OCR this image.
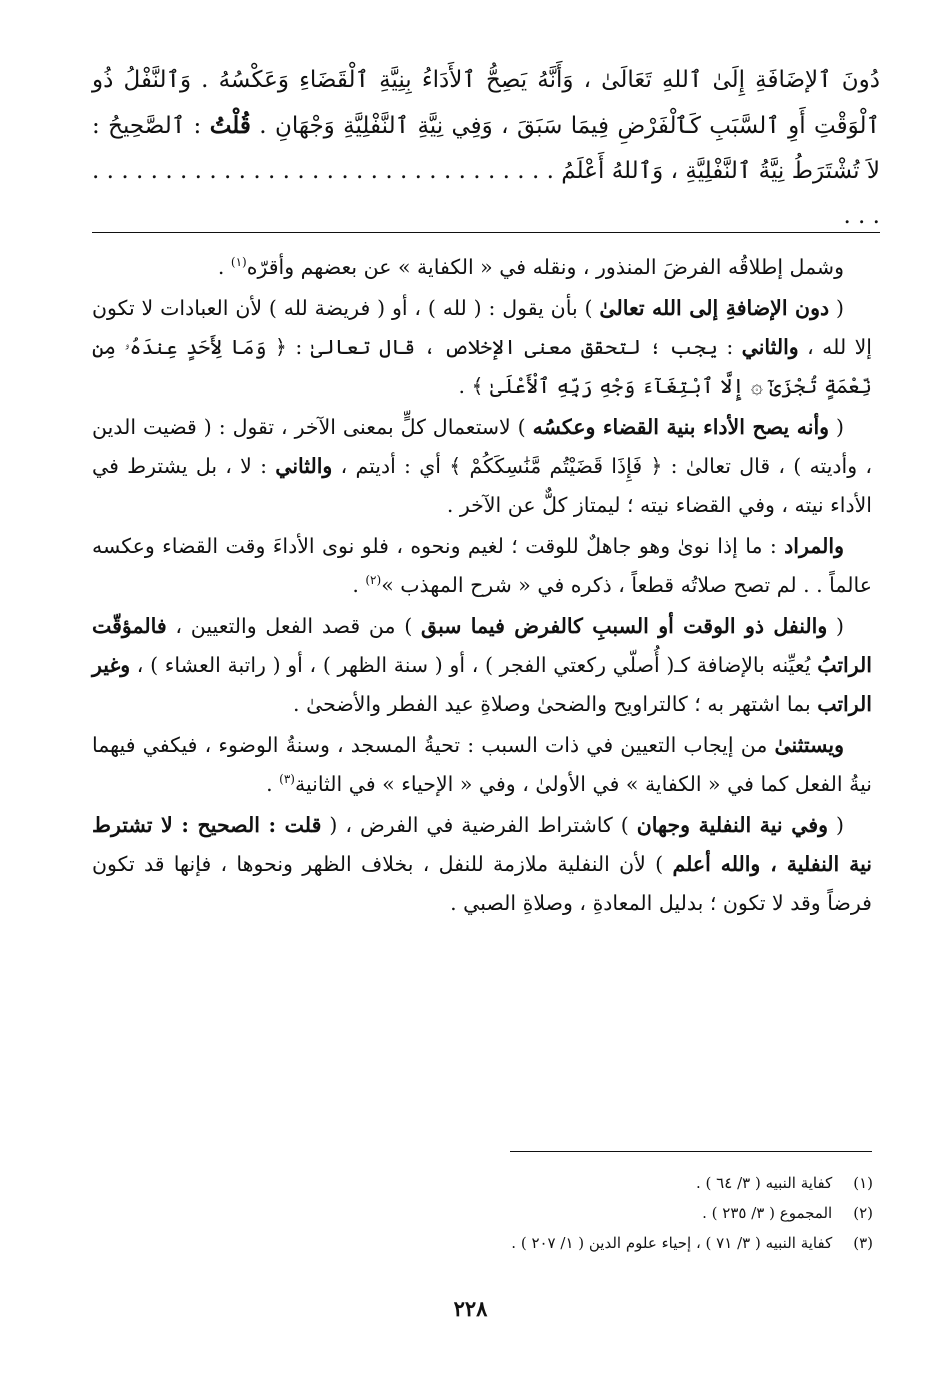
دُونَ ٱلإضَافَةِ إِلَىٰ ٱللهِ تَعَالَىٰ ، وَأَنَّهُ يَصِحُّ ٱلأَدَاءُ بِنِيَّةِ ٱلْقَضَاءِ وَعَكْسُهُ . وَٱلنَّفْلُ ذُو ٱلْوَقْتِ أَوِ ٱلسَّبَبِ كَٱلْفَرْضِ فِيمَا سَبَقَ ، وَفِي نِيَّةِ ٱلنَّفْلِيَّةِ وَجْهَانِ . قُلْتُ : ٱلصَّحِيحُ : لاَ تُشْتَرَطُ نِيَّةُ ٱلنَّفْلِيَّةِ ، وَٱللهُ أَعْلَمُ . . . . . . . . . . . . . . . . . . . . . . . . . . . . . . . . . . .

وشمل إطلاقُه الفرضَ المنذور ، ونقله في « الكفاية » عن بعضهم وأقرّه$^{(١)}$ .

( دون الإضافةِ إلى الله تعالىٰ ) بأن يقول : ( لله ) ، أو ( فريضة لله ) لأن العبادات لا تكون إلا لله ، والثاني : يجب ؛ لتحقق معنى الإخلاص ، قال تعالىٰ : ﴿ وَمَا لِأَحَدٍ عِندَهُۥ مِن نِّعْمَةٍ تُجْزَىٰٓ ۞ إِلَّا ٱبْتِغَآءَ وَجْهِ رَبِّهِ ٱلْأَعْلَىٰ ﴾ .

( وأنه يصح الأداء بنية القضاء وعكسُه ) لاستعمال كلٍّ بمعنى الآخر ، تقول : ( قضيت الدين ، وأديته ) ، قال تعالىٰ : ﴿ فَإِذَا قَضَيْتُم مَّنَٰسِكَكُمْ ﴾ أي : أديتم ، والثاني : لا ، بل يشترط في الأداء نيته ، وفي القضاء نيته ؛ ليمتاز كلٌّ عن الآخر .

والمراد : ما إذا نوىٰ وهو جاهلٌ للوقت ؛ لغيم ونحوه ، فلو نوى الأداءَ وقت القضاء وعكسه عالماً . . لم تصح صلاتُه قطعاً ، ذكره في « شرح المهذب »$^{(٢)}$ .

( والنفل ذو الوقت أو السببِ كالفرض فيما سبق ) من قصد الفعل والتعيين ، فالمؤقّت الراتبُ يُعيِّنه بالإضافة كـ( أُصلّي ركعتي الفجر ) ، أو ( سنة الظهر ) ، أو ( راتبة العشاء ) ، وغير الراتب بما اشتهر به ؛ كالتراويح والضحىٰ وصلاةِ عيد الفطر والأضحىٰ .

ويستثنىٰ من إيجاب التعيين في ذات السبب : تحيةُ المسجد ، وسنةُ الوضوء ، فيكفي فيهما نيةُ الفعل كما في « الكفاية » في الأولىٰ ، وفي « الإحياء » في الثانية$^{(٣)}$ .

( وفي نية النفلية وجهان ) كاشتراط الفرضية في الفرض ، ( قلت : الصحيح : لا تشترط نية النفلية ، والله أعلم ) لأن النفلية ملازمة للنفل ، بخلاف الظهر ونحوها ، فإنها قد تكون فرضاً وقد لا تكون ؛ بدليل المعادةِ ، وصلاةِ الصبي .

(١) كفاية النبيه ( ٣/ ٦٤ ) .
(٢) المجموع ( ٣/ ٢٣٥ ) .
(٣) كفاية النبيه ( ٣/ ٧١ ) ، إحياء علوم الدين ( ١/ ٢٠٧ ) .
٢٢٨
